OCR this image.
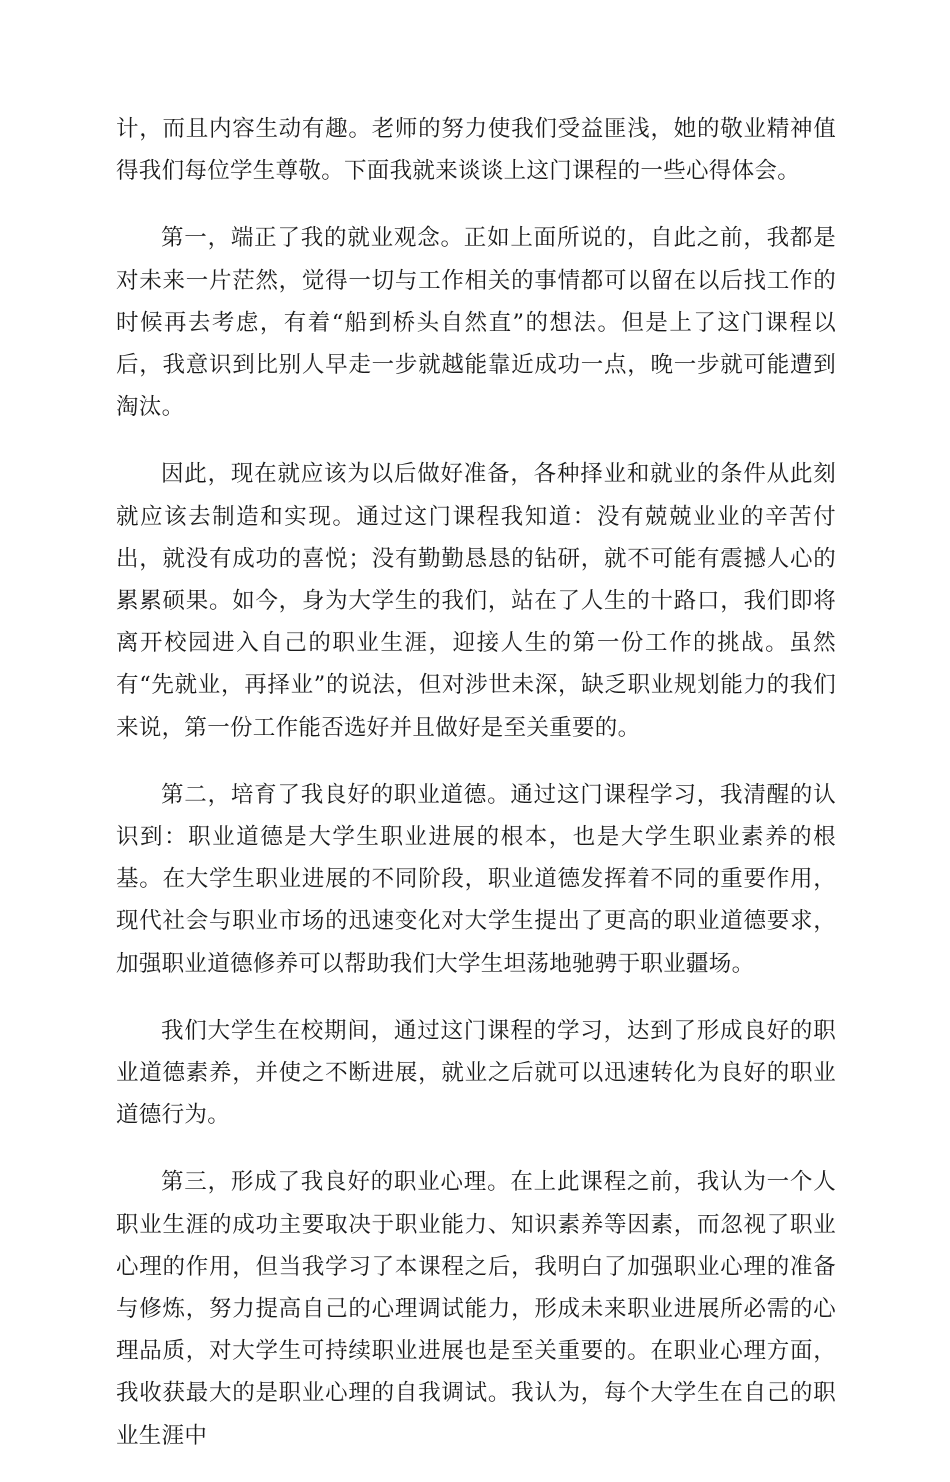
计，而且内容生动有趣。老师的努力使我们受益匪浅，她的敬业精神值得我们每位学生尊敬。下面我就来谈谈上这门课程的一些心得体会。

第一，端正了我的就业观念。正如上面所说的，自此之前，我都是对未来一片茫然，觉得一切与工作相关的事情都可以留在以后找工作的时候再去考虑，有着“船到桥头自然直”的想法。但是上了这门课程以后，我意识到比别人早走一步就越能靠近成功一点，晚一步就可能遭到淘汰。

因此，现在就应该为以后做好准备，各种择业和就业的条件从此刻就应该去制造和实现。通过这门课程我知道：没有兢兢业业的辛苦付出，就没有成功的喜悦；没有勤勤恳恳的钻研，就不可能有震撼人心的累累硕果。如今，身为大学生的我们，站在了人生的十路口，我们即将离开校园进入自己的职业生涯，迎接人生的第一份工作的挑战。虽然有“先就业，再择业”的说法，但对涉世未深，缺乏职业规划能力的我们来说，第一份工作能否选好并且做好是至关重要的。

第二，培育了我良好的职业道德。通过这门课程学习，我清醒的认识到：职业道德是大学生职业进展的根本，也是大学生职业素养的根基。在大学生职业进展的不同阶段，职业道德发挥着不同的重要作用，现代社会与职业市场的迅速变化对大学生提出了更高的职业道德要求，加强职业道德修养可以帮助我们大学生坦荡地驰骋于职业疆场。

我们大学生在校期间，通过这门课程的学习，达到了形成良好的职业道德素养，并使之不断进展，就业之后就可以迅速转化为良好的职业道德行为。

第三，形成了我良好的职业心理。在上此课程之前，我认为一个人职业生涯的成功主要取决于职业能力、知识素养等因素，而忽视了职业心理的作用，但当我学习了本课程之后，我明白了加强职业心理的准备与修炼，努力提高自己的心理调试能力，形成未来职业进展所必需的心理品质，对大学生可持续职业进展也是至关重要的。在职业心理方面，我收获最大的是职业心理的自我调试。我认为，每个大学生在自己的职业生涯中
